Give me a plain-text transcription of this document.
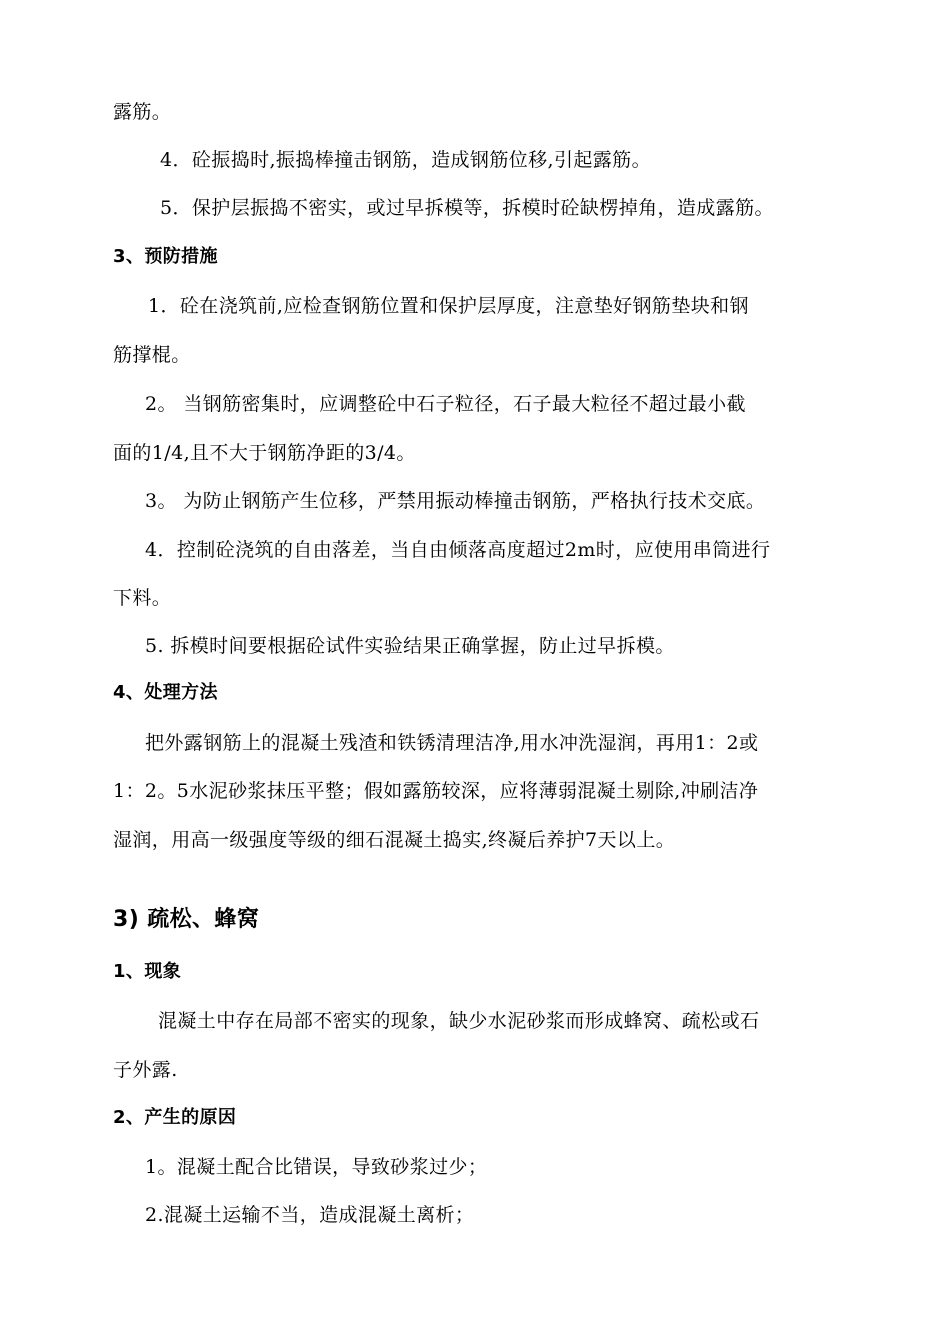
露筋。
4．砼振捣时,振捣棒撞击钢筋，造成钢筋位移,引起露筋。
5．保护层振捣不密实，或过早拆模等，拆模时砼缺楞掉角，造成露筋。
3、预防措施
1．砼在浇筑前,应检查钢筋位置和保护层厚度，注意垫好钢筋垫块和钢
筋撑棍。
2。 当钢筋密集时，应调整砼中石子粒径，石子最大粒径不超过最小截
面的1/4,且不大于钢筋净距的3/4。
3。 为防止钢筋产生位移，严禁用振动棒撞击钢筋，严格执行技术交底。
4．控制砼浇筑的自由落差，当自由倾落高度超过2m时，应使用串筒进行
下料。
5. 拆模时间要根据砼试件实验结果正确掌握，防止过早拆模。
4、处理方法
把外露钢筋上的混凝土残渣和铁锈清理洁净,用水冲洗湿润，再用1：2或
1：2。5水泥砂浆抹压平整；假如露筋较深，应将薄弱混凝土剔除,冲刷洁净
湿润，用高一级强度等级的细石混凝土捣实,终凝后养护7天以上。
3) 疏松、蜂窝
1、现象
混凝土中存在局部不密实的现象，缺少水泥砂浆而形成蜂窝、疏松或石
子外露.
2、产生的原因
1。混凝土配合比错误，导致砂浆过少；
2.混凝土运输不当，造成混凝土离析；
